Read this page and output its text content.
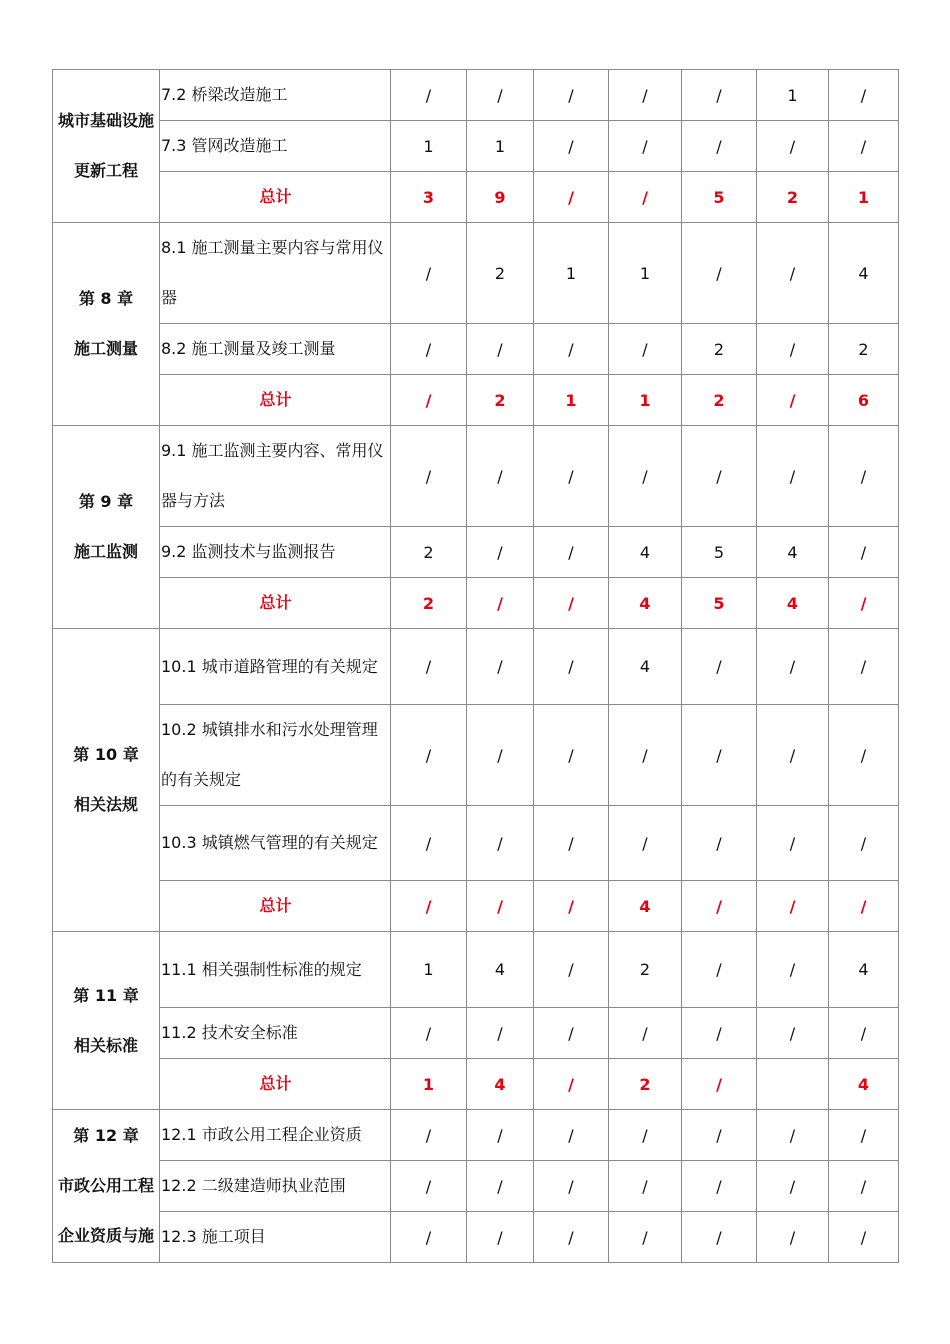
城市基础设施
更新工程	7.2 桥梁改造施工	/	/	/	/	/	1	/
	7.3 管网改造施工	1	1	/	/	/	/	/
	总计	3	9	/	/	5	2	1

第 8 章
施工测量	8.1 施工测量主要内容与常用仪器	/	2	1	1	/	/	4
	8.2 施工测量及竣工测量	/	/	/	/	2	/	2
	总计	/	2	1	1	2	/	6

第 9 章
施工监测	9.1 施工监测主要内容、常用仪器与方法	/	/	/	/	/	/	/
	9.2 监测技术与监测报告	2	/	/	4	5	4	/
	总计	2	/	/	4	5	4	/

第 10 章
相关法规	10.1 城市道路管理的有关规定	/	/	/	4	/	/	/
	10.2 城镇排水和污水处理管理的有关规定	/	/	/	/	/	/	/
	10.3 城镇燃气管理的有关规定	/	/	/	/	/	/	/
	总计	/	/	/	4	/	/	/

第 11 章
相关标准	11.1 相关强制性标准的规定	1	4	/	2	/	/	4
	11.2 技术安全标准	/	/	/	/	/	/	/
	总计	1	4	/	2	/		4

第 12 章
市政公用工程
企业资质与施	12.1 市政公用工程企业资质	/	/	/	/	/	/	/
	12.2 二级建造师执业范围	/	/	/	/	/	/	/
	12.3 施工项目	/	/	/	/	/	/	/
